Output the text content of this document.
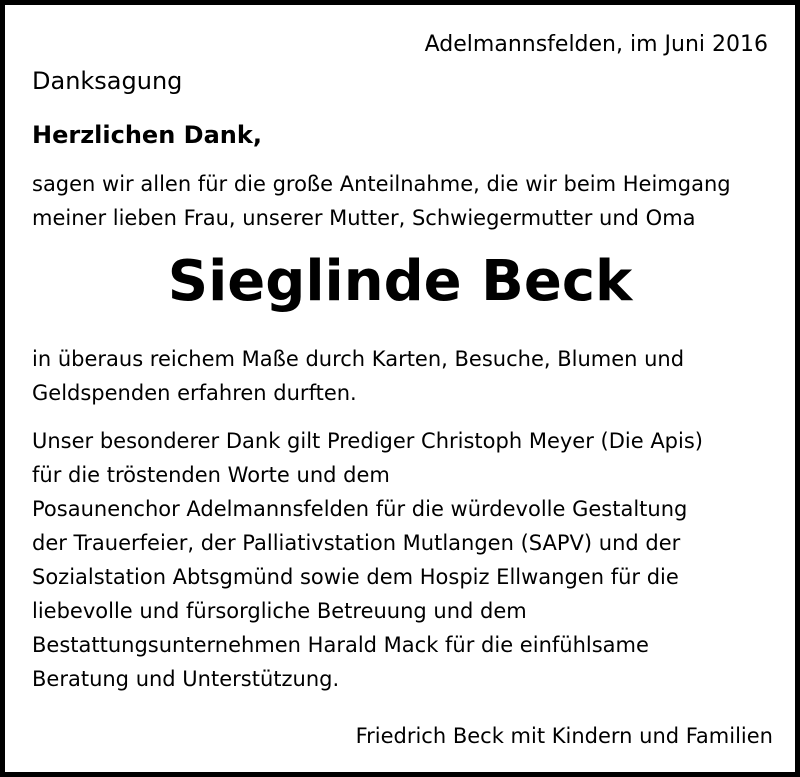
Adelmannsfelden, im Juni 2016
Danksagung
Herzlichen Dank,
sagen wir allen für die große Anteilnahme, die wir beim Heimgang
meiner lieben Frau, unserer Mutter, Schwiegermutter und Oma
Sieglinde Beck
in überaus reichem Maße durch Karten, Besuche, Blumen und
Geldspenden erfahren durften.
Unser besonderer Dank gilt Prediger Christoph Meyer (Die Apis)
für die tröstenden Worte und dem
Posaunenchor Adelmannsfelden für die würdevolle Gestaltung
der Trauerfeier, der Palliativstation Mutlangen (SAPV) und der
Sozialstation Abtsgmünd sowie dem Hospiz Ellwangen für die
liebevolle und fürsorgliche Betreuung und dem
Bestattungsunternehmen Harald Mack für die einfühlsame
Beratung und Unterstützung.
Friedrich Beck mit Kindern und Familien
